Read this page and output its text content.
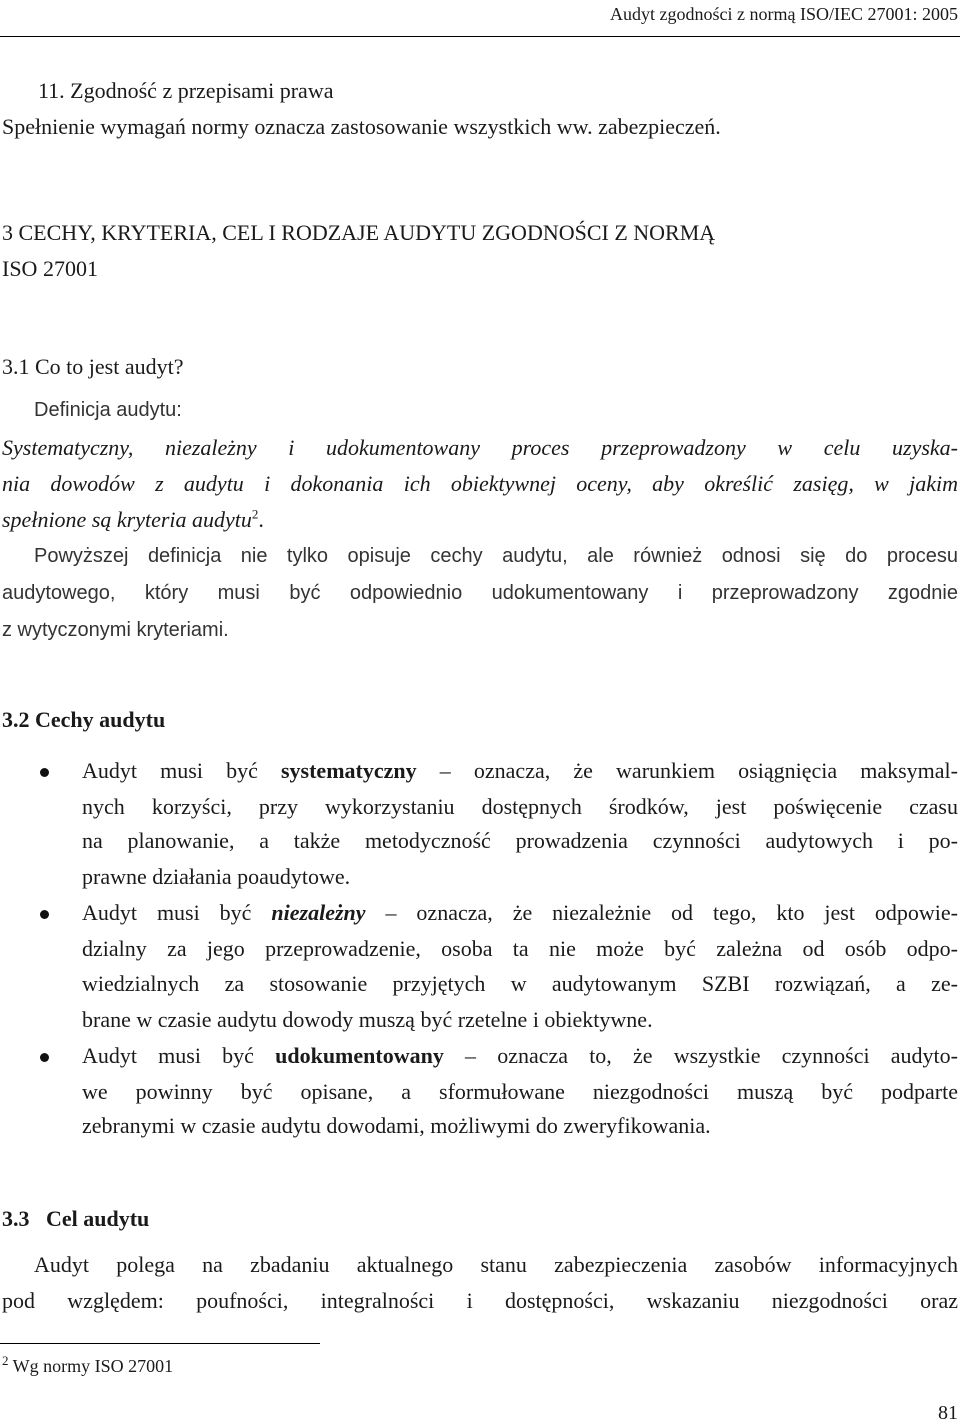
Audyt zgodności z normą ISO/IEC 27001: 2005
11. Zgodność z przepisami prawa
Spełnienie wymagań normy oznacza zastosowanie wszystkich ww. zabezpieczeń.
3 CECHY, KRYTERIA, CEL I RODZAJE AUDYTU ZGODNOŚCI Z NORMĄ
ISO 27001
3.1 Co to jest audyt?
Definicja audytu:
Systematyczny, niezależny i udokumentowany proces przeprowadzony w celu uzyska-
nia dowodów z audytu i dokonania ich obiektywnej oceny, aby określić zasięg, w jakim
spełnione są kryteria audytu$^2$.
Powyższej definicja nie tylko opisuje cechy audytu, ale również odnosi się do procesu
audytowego, który musi być odpowiednio udokumentowany i przeprowadzony zgodnie
z wytyczonymi kryteriami.
3.2 Cechy audytu
Audyt musi być systematyczny – oznacza, że warunkiem osiągnięcia maksymal-
nych korzyści, przy wykorzystaniu dostępnych środków, jest poświęcenie czasu
na planowanie, a także metodyczność prowadzenia czynności audytowych i po-
prawne działania poaudytowe.
Audyt musi być niezależny – oznacza, że niezależnie od tego, kto jest odpowie-
dzialny za jego przeprowadzenie, osoba ta nie może być zależna od osób odpo-
wiedzialnych za stosowanie przyjętych w audytowanym SZBI rozwiązań, a ze-
brane w czasie audytu dowody muszą być rzetelne i obiektywne.
Audyt musi być udokumentowany – oznacza to, że wszystkie czynności audyto-
we powinny być opisane, a sformułowane niezgodności muszą być podparte
zebranymi w czasie audytu dowodami, możliwymi do zweryfikowania.
3.3   Cel audytu
Audyt polega na zbadaniu aktualnego stanu zabezpieczenia zasobów informacyjnych
pod względem: poufności, integralności i dostępności, wskazaniu niezgodności oraz
$^2$ Wg normy ISO 27001
81
